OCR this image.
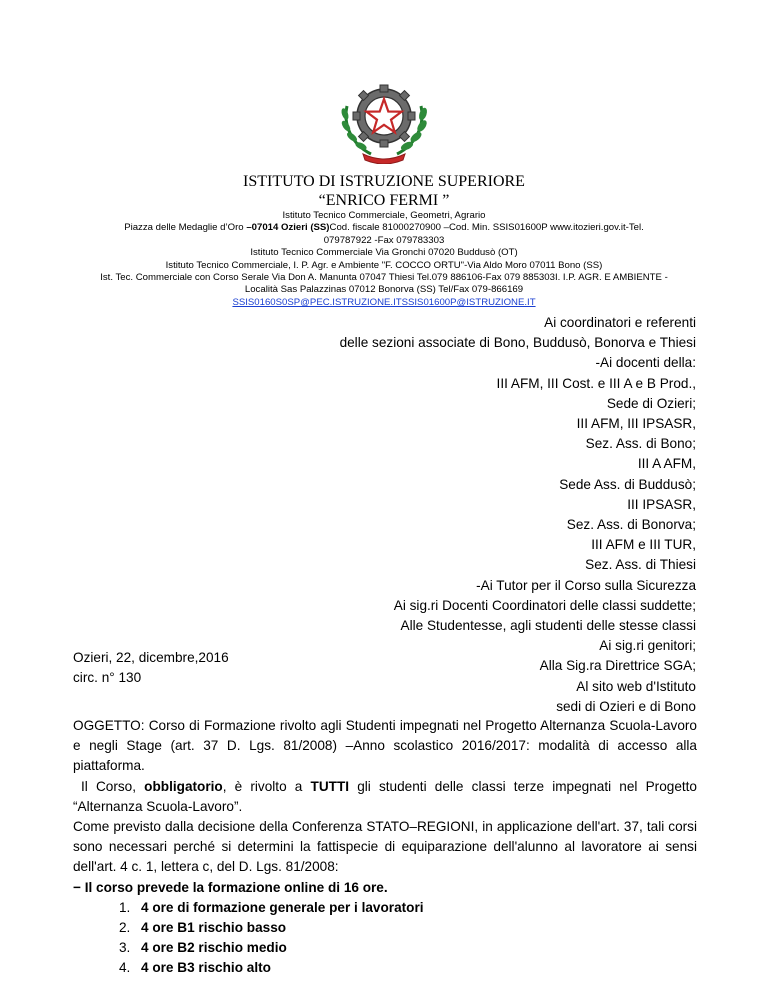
ISTITUTO DI ISTRUZIONE SUPERIORE

“ENRICO FERMI ”

Istituto Tecnico Commerciale, Geometri, Agrario

Piazza delle Medaglie d’Oro –07014 Ozieri (SS)Cod. fiscale 81000270900 –Cod. Min. SSIS01600P www.itozieri.gov.it-Tel.

079787922 -Fax 079783303

Istituto Tecnico Commerciale Via Gronchi 07020 Buddusò (OT)

Istituto Tecnico Commerciale, I. P. Agr. e Ambiente "F. COCCO ORTU"-Via Aldo Moro 07011 Bono (SS)

Ist. Tec. Commerciale con Corso Serale Via Don A. Manunta 07047 Thiesi Tel.079 886106-Fax 079 885303I. I.P. AGR. E AMBIENTE -

Località Sas Palazzinas 07012 Bonorva (SS) Tel/Fax 079-866169

SSIS0160S0SP@PEC.ISTRUZIONE.ITSSIS01600P@ISTRUZIONE.IT

Ai coordinatori e referenti
delle sezioni associate di Bono, Buddusò, Bonorva e Thiesi
-Ai docenti della:
III AFM, III Cost. e III A e B Prod.,
Sede di Ozieri;
III AFM, III IPSASR,
Sez. Ass. di Bono;
III A AFM,
Sede Ass. di Buddusò;
III IPSASR,
Sez. Ass. di Bonorva;
III AFM e III TUR,
Sez. Ass. di Thiesi
-Ai Tutor per il Corso sulla Sicurezza
Ai sig.ri Docenti Coordinatori delle classi suddette;
Alle Studentesse, agli studenti delle stesse classi
Ai sig.ri genitori;
Alla Sig.ra Direttrice SGA;
Al sito web d'Istituto
sedi di Ozieri e di Bono
Ozieri, 22, dicembre,2016
circ. n° 130

OGGETTO: Corso di Formazione rivolto agli Studenti impegnati nel Progetto Alternanza Scuola-Lavoro e negli Stage (art. 37 D. Lgs. 81/2008) –Anno scolastico 2016/2017: modalità di accesso alla piattaforma.

Il Corso, obbligatorio, è rivolto a TUTTI gli studenti delle classi terze impegnati nel Progetto “Alternanza Scuola-Lavoro”.

Come previsto dalla decisione della Conferenza STATO–REGIONI, in applicazione dell'art. 37, tali corsi sono necessari perché si determini la fattispecie di equiparazione dell'alunno al lavoratore ai sensi dell'art. 4 c. 1, lettera c, del D. Lgs. 81/2008:

− Il corso prevede la formazione online di 16 ore.

1. 4 ore di formazione generale per i lavoratori
2. 4 ore B1 rischio basso
3. 4 ore B2 rischio medio
4. 4 ore B3 rischio alto
